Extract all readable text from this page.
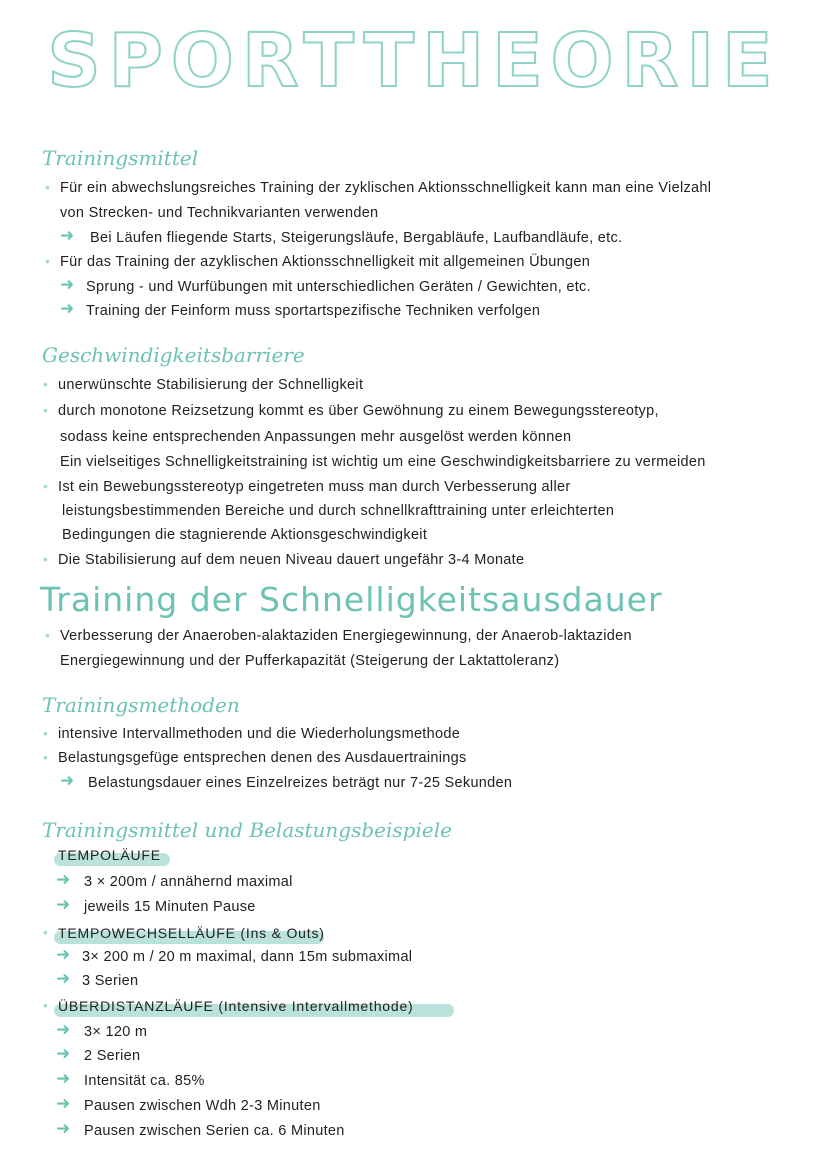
SPORTTHEORIE
Trainingsmittel
• Für ein abwechslungsreiches Training der zyklischen Aktionsschnelligkeit kann man eine Vielzahl
von Strecken- und Technikvarianten verwenden
➜ Bei Läufen fliegende Starts, Steigerungsläufe, Bergabläufe, Laufbandläufe, etc.
• Für das Training der azyklischen Aktionsschnelligkeit mit allgemeinen Übungen
➜ Sprung - und Wurfübungen mit unterschiedlichen Geräten / Gewichten, etc.
➜ Training der Feinform muss sportartspezifische Techniken verfolgen
Geschwindigkeitsbarriere
• unerwünschte Stabilisierung der Schnelligkeit
• durch monotone Reizsetzung kommt es über Gewöhnung zu einem Bewegungsstereotyp,
sodass keine entsprechenden Anpassungen mehr ausgelöst werden können
Ein vielseitiges Schnelligkeitstraining ist wichtig um eine Geschwindigkeitsbarriere zu vermeiden
• Ist ein Bewebungsstereotyp eingetreten muss man durch Verbesserung aller
leistungsbestimmenden Bereiche und durch schnellkrafttraining unter erleichterten
Bedingungen die stagnierende Aktionsgeschwindigkeit
• Die Stabilisierung auf dem neuen Niveau dauert ungefähr 3-4 Monate
Training der Schnelligkeitsausdauer
• Verbesserung der Anaeroben-alaktaziden Energiegewinnung, der Anaerob-laktaziden
Energiegewinnung und der Pufferkapazität (Steigerung der Laktattoleranz)
Trainingsmethoden
• intensive Intervallmethoden und die Wiederholungsmethode
• Belastungsgefüge entsprechen denen des Ausdauertrainings
➜ Belastungsdauer eines Einzelreizes beträgt nur 7-25 Sekunden
Trainingsmittel und Belastungsbeispiele
TEMPOLÄUFE
➜ 3 × 200m / annähernd maximal
➜ jeweils 15 Minuten Pause
• TEMPOWECHSELLÄUFE (Ins & Outs)
➜ 3× 200 m / 20 m maximal, dann 15m submaximal
➜ 3 Serien
• ÜBERDISTANZLÄUFE (Intensive Intervallmethode)
➜ 3× 120 m
➜ 2 Serien
➜ Intensität ca. 85%
➜ Pausen zwischen Wdh 2-3 Minuten
➜ Pausen zwischen Serien ca. 6 Minuten
